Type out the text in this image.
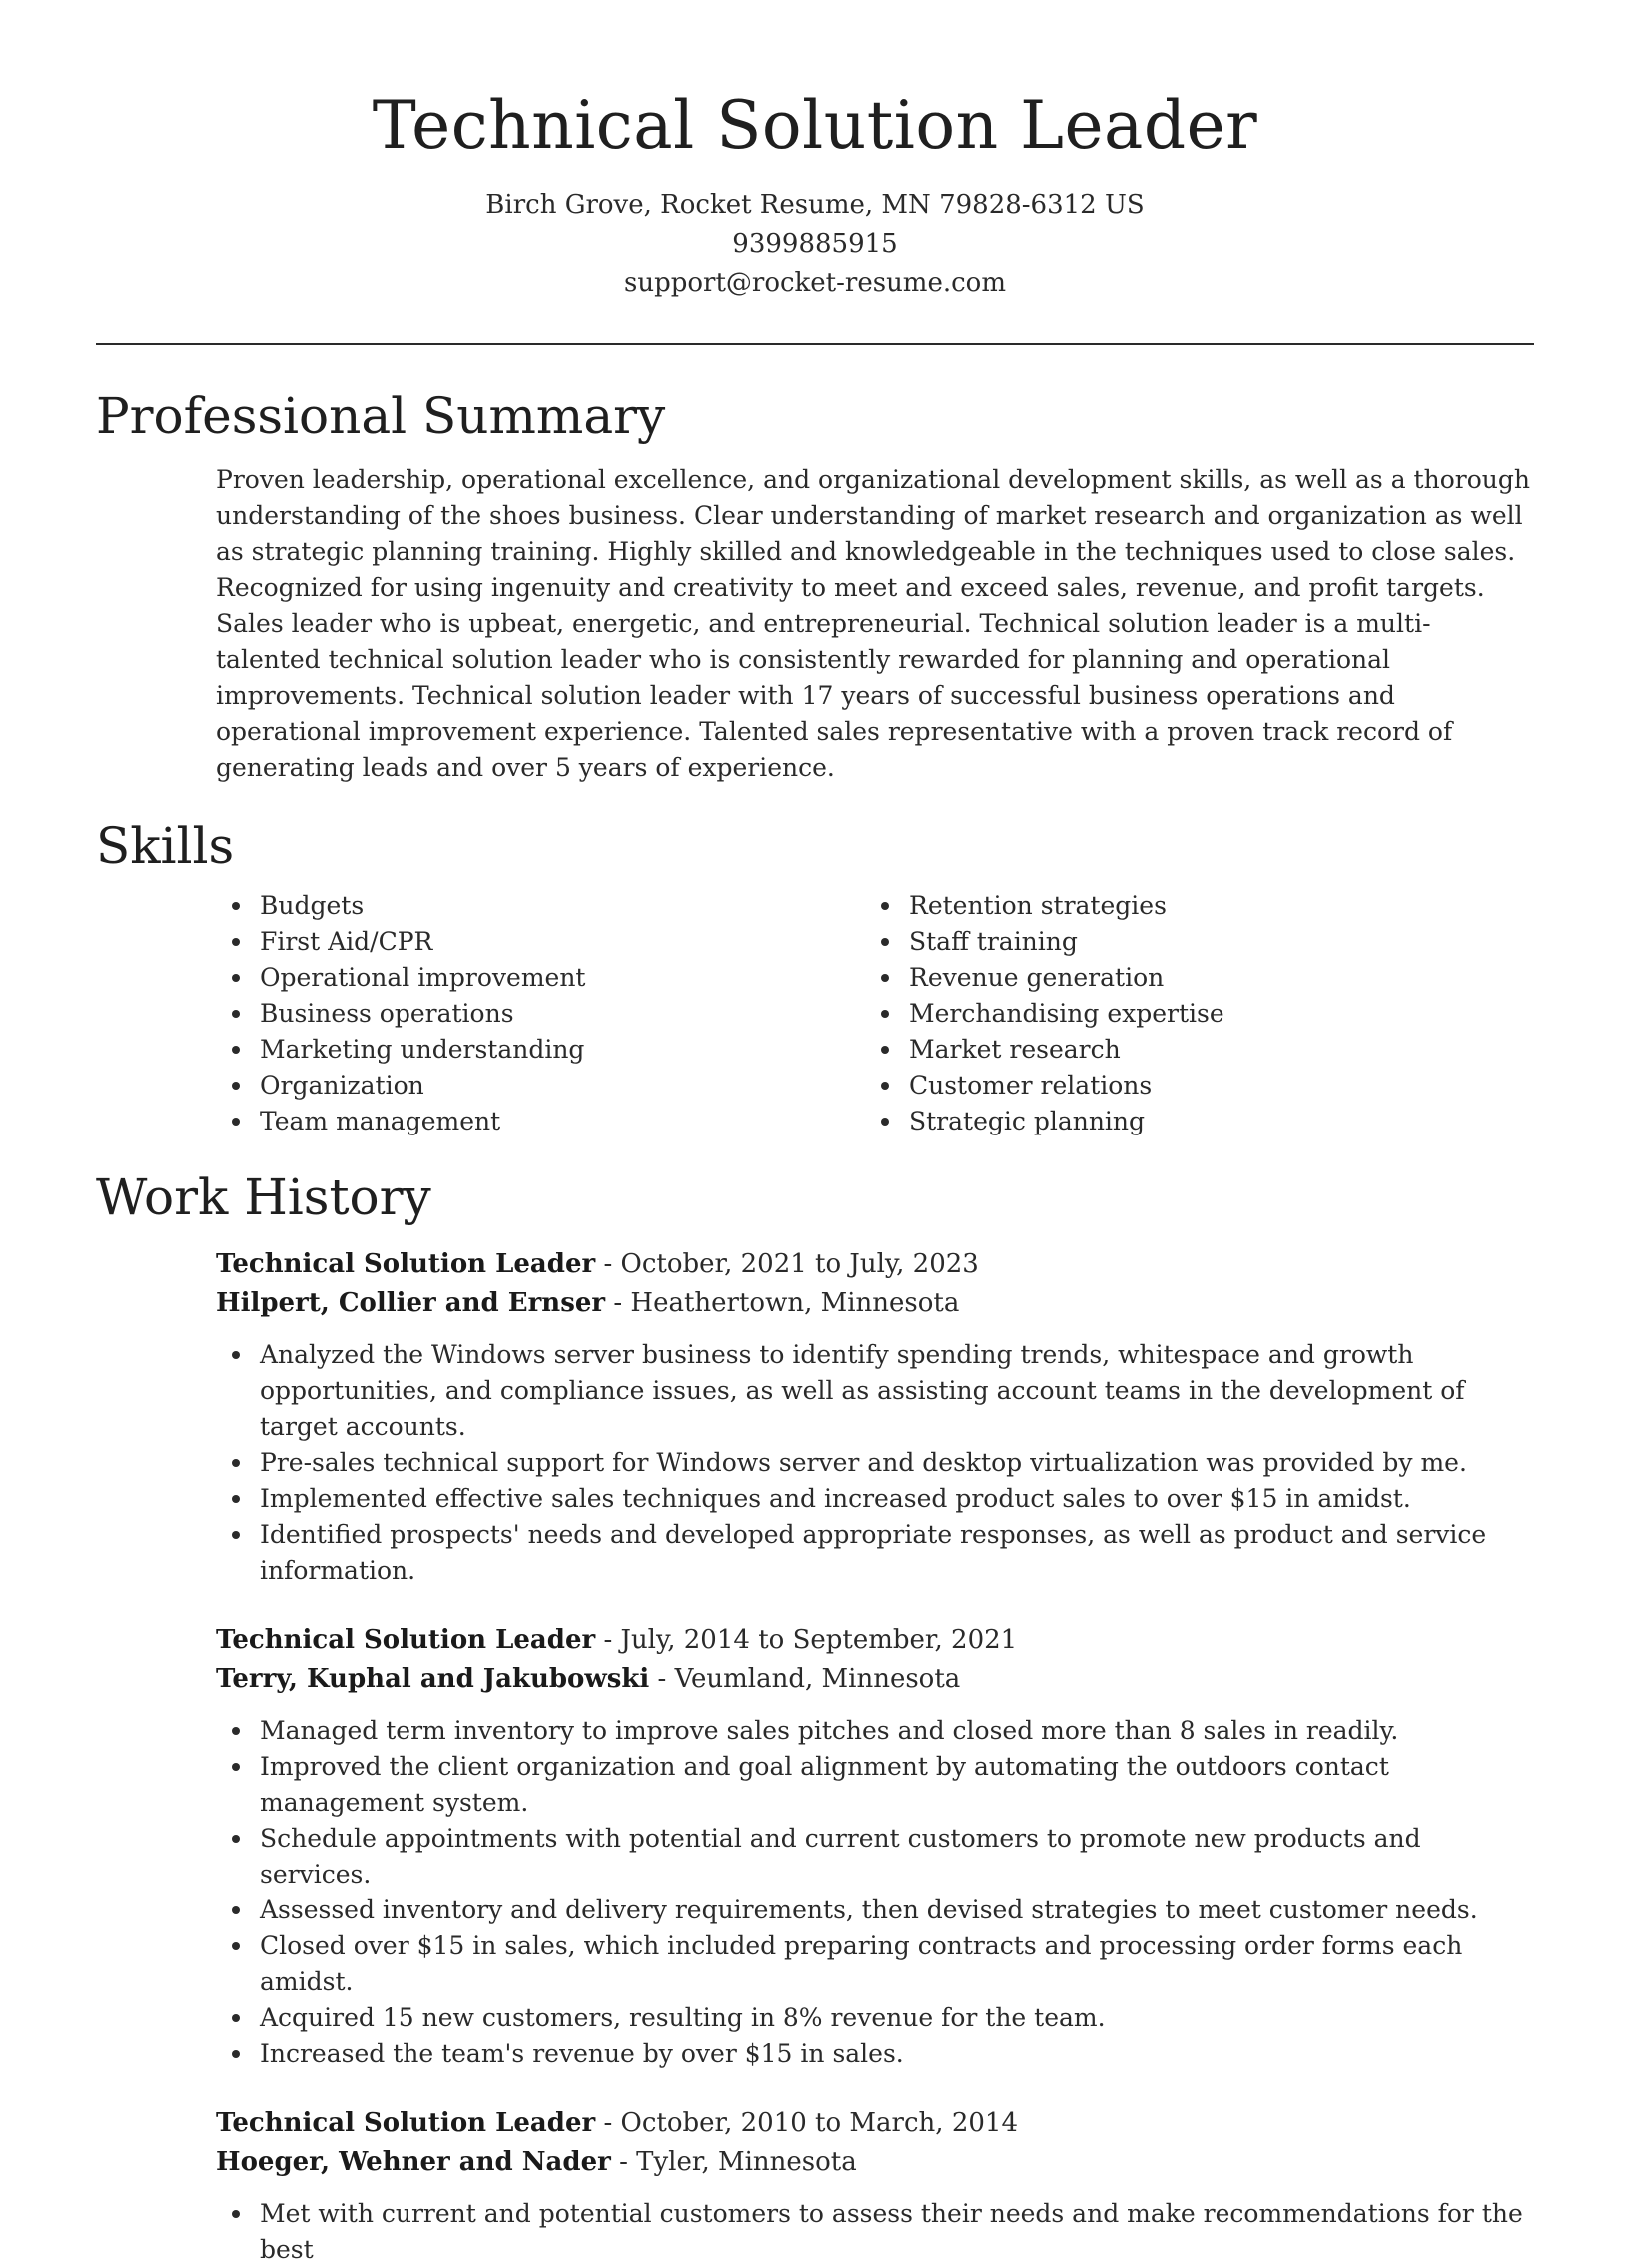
Technical Solution Leader
Birch Grove, Rocket Resume, MN 79828-6312 US
9399885915
support@rocket-resume.com
Professional Summary

Proven leadership, operational excellence, and organizational development skills, as well as a thorough understanding of the shoes business. Clear understanding of market research and organization as well as strategic planning training. Highly skilled and knowledgeable in the techniques used to close sales. Recognized for using ingenuity and creativity to meet and exceed sales, revenue, and profit targets. Sales leader who is upbeat, energetic, and entrepreneurial. Technical solution leader is a multi-talented technical solution leader who is consistently rewarded for planning and operational improvements. Technical solution leader with 17 years of successful business operations and operational improvement experience. Talented sales representative with a proven track record of generating leads and over 5 years of experience.

Skills
Budgets
First Aid/CPR
Operational improvement
Business operations
Marketing understanding
Organization
Team management
Retention strategies
Staff training
Revenue generation
Merchandising expertise
Market research
Customer relations
Strategic planning
Work History
Technical Solution Leader - October, 2021 to July, 2023
Hilpert, Collier and Ernser - Heathertown, Minnesota
Analyzed the Windows server business to identify spending trends, whitespace and growth opportunities, and compliance issues, as well as assisting account teams in the development of target accounts.
Pre-sales technical support for Windows server and desktop virtualization was provided by me.
Implemented effective sales techniques and increased product sales to over $15 in amidst.
Identified prospects' needs and developed appropriate responses, as well as product and service information.
Technical Solution Leader - July, 2014 to September, 2021
Terry, Kuphal and Jakubowski - Veumland, Minnesota
Managed term inventory to improve sales pitches and closed more than 8 sales in readily.
Improved the client organization and goal alignment by automating the outdoors contact management system.
Schedule appointments with potential and current customers to promote new products and services.
Assessed inventory and delivery requirements, then devised strategies to meet customer needs.
Closed over $15 in sales, which included preparing contracts and processing order forms each amidst.
Acquired 15 new customers, resulting in 8% revenue for the team.
Increased the team's revenue by over $15 in sales.
Technical Solution Leader - October, 2010 to March, 2014
Hoeger, Wehner and Nader - Tyler, Minnesota
Met with current and potential customers to assess their needs and make recommendations for the best
